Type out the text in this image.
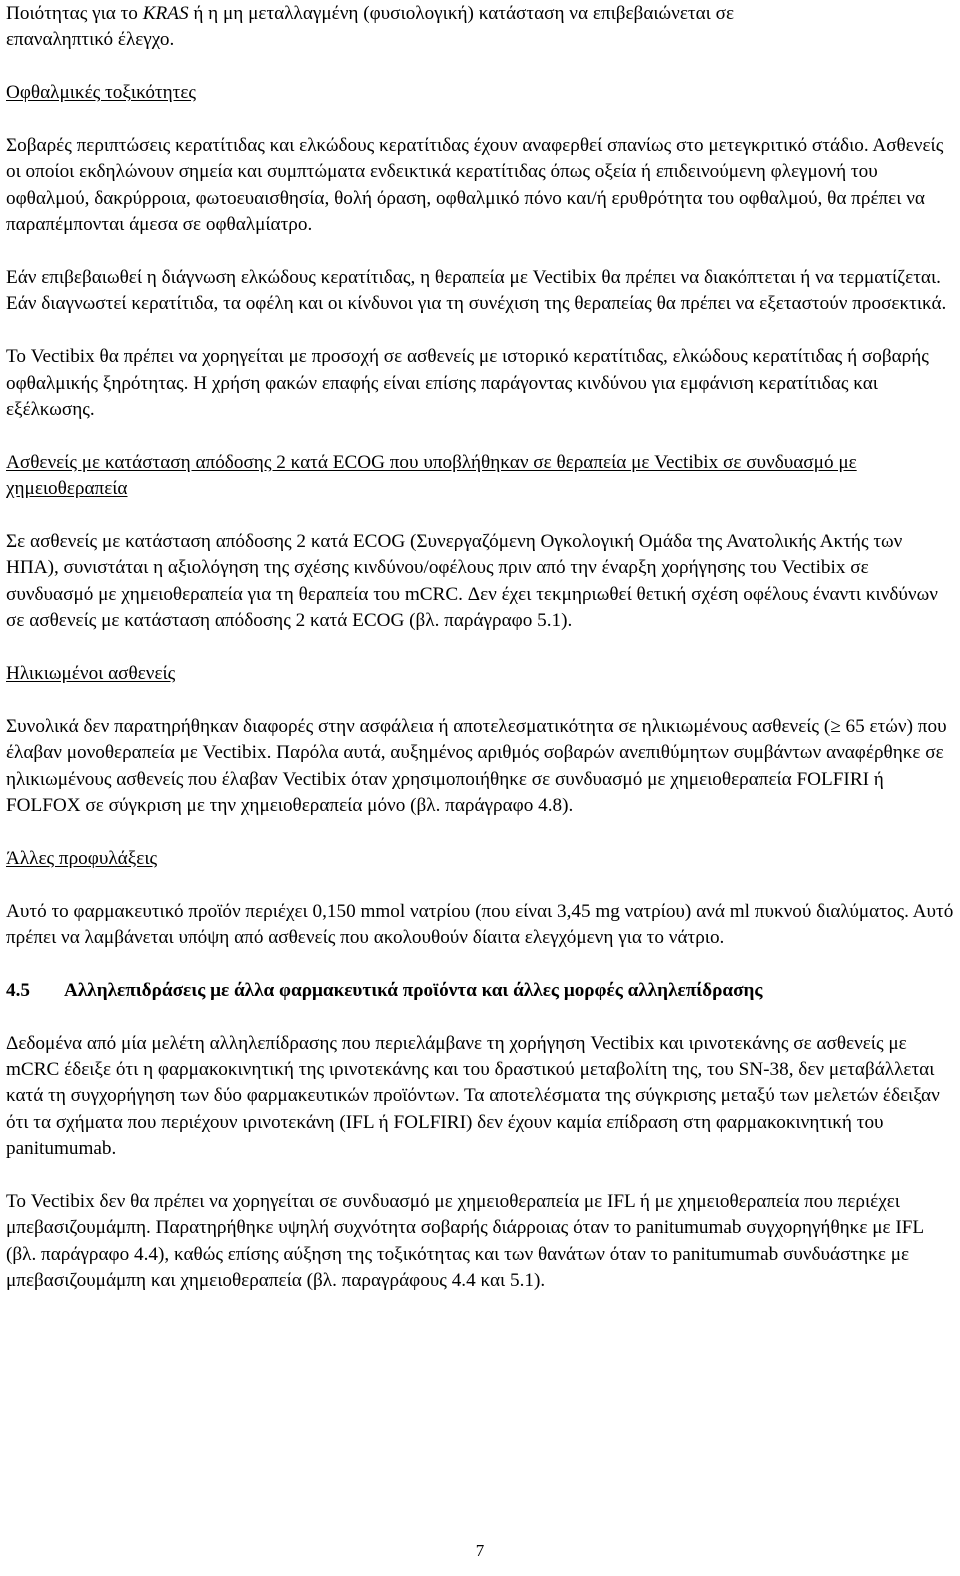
Ποιότητας για το KRAS ή η μη μεταλλαγμένη (φυσιολογική) κατάσταση να επιβεβαιώνεται σε
επαναληπτικό έλεγχο.

Οφθαλμικές τοξικότητες

Σοβαρές περιπτώσεις κερατίτιδας και ελκώδους κερατίτιδας έχουν αναφερθεί σπανίως στο μετεγκριτικό στάδιο. Ασθενείς οι οποίοι εκδηλώνουν σημεία και συμπτώματα ενδεικτικά κερατίτιδας όπως οξεία ή επιδεινούμενη φλεγμονή του οφθαλμού, δακρύρροια, φωτοευαισθησία, θολή όραση, οφθαλμικό πόνο και/ή ερυθρότητα του οφθαλμού, θα πρέπει να παραπέμπονται άμεσα σε οφθαλμίατρο.

Εάν επιβεβαιωθεί η διάγνωση ελκώδους κερατίτιδας, η θεραπεία με Vectibix θα πρέπει να διακόπτεται ή να τερματίζεται. Εάν διαγνωστεί κερατίτιδα, τα οφέλη και οι κίνδυνοι για τη συνέχιση της θεραπείας θα πρέπει να εξεταστούν προσεκτικά.

Το Vectibix θα πρέπει να χορηγείται με προσοχή σε ασθενείς με ιστορικό κερατίτιδας, ελκώδους κερατίτιδας ή σοβαρής οφθαλμικής ξηρότητας. Η χρήση φακών επαφής είναι επίσης παράγοντας κινδύνου για εμφάνιση κερατίτιδας και εξέλκωσης.

Ασθενείς με κατάσταση απόδοσης 2 κατά ECOG που υποβλήθηκαν σε θεραπεία με Vectibix σε συνδυασμό με χημειοθεραπεία

Σε ασθενείς με κατάσταση απόδοσης 2 κατά ECOG (Συνεργαζόμενη Ογκολογική Ομάδα της Ανατολικής Ακτής των ΗΠΑ), συνιστάται η αξιολόγηση της σχέσης κινδύνου/οφέλους πριν από την έναρξη χορήγησης του Vectibix σε συνδυασμό με χημειοθεραπεία για τη θεραπεία του mCRC. Δεν έχει τεκμηριωθεί θετική σχέση οφέλους έναντι κινδύνων σε ασθενείς με κατάσταση απόδοσης 2 κατά ECOG (βλ. παράγραφο 5.1).

Ηλικιωμένοι ασθενείς

Συνολικά δεν παρατηρήθηκαν διαφορές στην ασφάλεια ή αποτελεσματικότητα σε ηλικιωμένους ασθενείς (≥ 65 ετών) που έλαβαν μονοθεραπεία με Vectibix. Παρόλα αυτά, αυξημένος αριθμός σοβαρών ανεπιθύμητων συμβάντων αναφέρθηκε σε ηλικιωμένους ασθενείς που έλαβαν Vectibix όταν χρησιμοποιήθηκε σε συνδυασμό με χημειοθεραπεία FOLFIRI ή FOLFOX σε σύγκριση με την χημειοθεραπεία μόνο (βλ. παράγραφο 4.8).

Άλλες προφυλάξεις

Αυτό το φαρμακευτικό προϊόν περιέχει 0,150 mmol νατρίου (που είναι 3,45 mg νατρίου) ανά ml πυκνού διαλύματος. Αυτό πρέπει να λαμβάνεται υπόψη από ασθενείς που ακολουθούν δίαιτα ελεγχόμενη για το νάτριο.

4.5 Αλληλεπιδράσεις με άλλα φαρμακευτικά προϊόντα και άλλες μορφές αλληλεπίδρασης

Δεδομένα από μία μελέτη αλληλεπίδρασης που περιελάμβανε τη χορήγηση Vectibix και ιρινοτεκάνης σε ασθενείς με mCRC έδειξε ότι η φαρμακοκινητική της ιρινοτεκάνης και του δραστικού μεταβολίτη της, του SN-38, δεν μεταβάλλεται κατά τη συγχορήγηση των δύο φαρμακευτικών προϊόντων. Τα αποτελέσματα της σύγκρισης μεταξύ των μελετών έδειξαν ότι τα σχήματα που περιέχουν ιρινοτεκάνη (IFL ή FOLFIRI) δεν έχουν καμία επίδραση στη φαρμακοκινητική του panitumumab.

Το Vectibix δεν θα πρέπει να χορηγείται σε συνδυασμό με χημειοθεραπεία με IFL ή με χημειοθεραπεία που περιέχει μπεβασιζουμάμπη. Παρατηρήθηκε υψηλή συχνότητα σοβαρής διάρροιας όταν το panitumumab συγχορηγήθηκε με IFL (βλ. παράγραφο 4.4), καθώς επίσης αύξηση της τοξικότητας και των θανάτων όταν το panitumumab συνδυάστηκε με μπεβασιζουμάμπη και χημειοθεραπεία (βλ. παραγράφους 4.4 και 5.1).

7
